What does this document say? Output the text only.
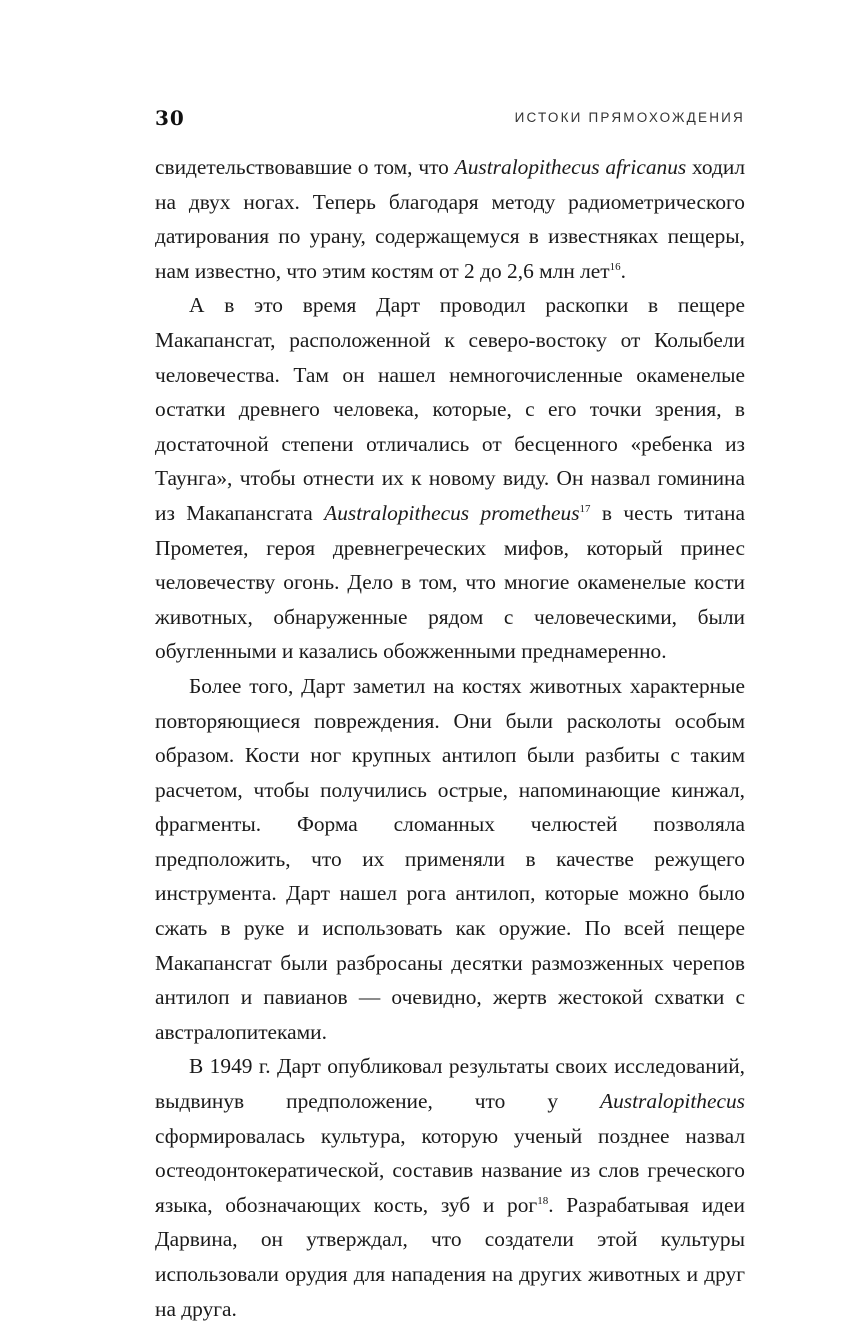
30	ИСТОКИ ПРЯМОХОЖДЕНИЯ

свидетельствовавшие о том, что Australopithecus africanus ходил на двух ногах. Теперь благодаря методу радиометрического датирования по урану, содержащемуся в известняках пещеры, нам известно, что этим костям от 2 до 2,6 млн лет$^{16}$.

А в это время Дарт проводил раскопки в пещере Макапансгат, расположенной к северо-востоку от Колыбели человечества. Там он нашел немногочисленные окаменелые остатки древнего человека, которые, с его точки зрения, в достаточной степени отличались от бесценного «ребенка из Таунга», чтобы отнести их к новому виду. Он назвал гоминина из Макапансгата Australopithecus prometheus$^{17}$ в честь титана Прометея, героя древнегреческих мифов, который принес человечеству огонь. Дело в том, что многие окаменелые кости животных, обнаруженные рядом с человеческими, были обугленными и казались обожженными преднамеренно.

Более того, Дарт заметил на костях животных характерные повторяющиеся повреждения. Они были расколоты особым образом. Кости ног крупных антилоп были разбиты с таким расчетом, чтобы получились острые, напоминающие кинжал, фрагменты. Форма сломанных челюстей позволяла предположить, что их применяли в качестве режущего инструмента. Дарт нашел рога антилоп, которые можно было сжать в руке и использовать как оружие. По всей пещере Макапансгат были разбросаны десятки размозженных черепов антилоп и павианов — очевидно, жертв жестокой схватки с австралопитеками.

В 1949 г. Дарт опубликовал результаты своих исследований, выдвинув предположение, что у Australopithecus сформировалась культура, которую ученый позднее назвал остеодонтокератической, составив название из слов греческого языка, обозначающих кость, зуб и рог$^{18}$. Разрабатывая идеи Дарвина, он утверждал, что создатели этой культуры использовали орудия для нападения на других животных и друг на друга.
